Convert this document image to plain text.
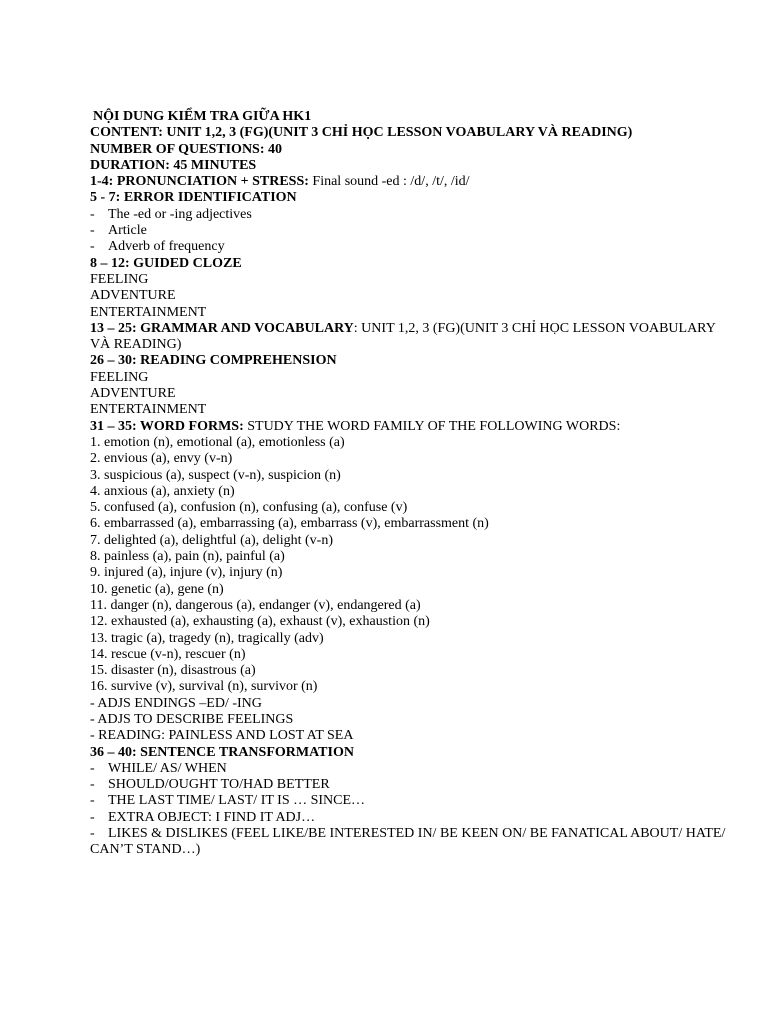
NỘI DUNG KIỂM TRA GIỮA HK1
CONTENT: UNIT 1,2, 3 (FG)(UNIT 3 CHỈ HỌC LESSON VOABULARY VÀ READING)
NUMBER OF QUESTIONS: 40
DURATION: 45 MINUTES
1-4: PRONUNCIATION + STRESS: Final sound -ed : /d/, /t/, /id/
5 - 7: ERROR IDENTIFICATION
- The -ed or -ing adjectives
- Article
- Adverb of frequency
8 – 12: GUIDED CLOZE
FEELING
ADVENTURE
ENTERTAINMENT
13 – 25: GRAMMAR AND VOCABULARY: UNIT 1,2, 3 (FG)(UNIT 3 CHỈ HỌC LESSON VOABULARY VÀ READING)
26 – 30: READING COMPREHENSION
FEELING
ADVENTURE
ENTERTAINMENT
31 – 35: WORD FORMS: STUDY THE WORD FAMILY OF THE FOLLOWING WORDS:
1. emotion (n), emotional (a), emotionless (a)
2. envious (a), envy (v-n)
3. suspicious (a), suspect (v-n), suspicion (n)
4. anxious (a), anxiety (n)
5. confused (a), confusion (n), confusing (a), confuse (v)
6. embarrassed (a), embarrassing (a), embarrass (v), embarrassment (n)
7. delighted (a), delightful (a), delight (v-n)
8. painless (a), pain (n), painful (a)
9. injured (a), injure (v), injury (n)
10. genetic (a), gene (n)
11. danger (n), dangerous (a), endanger (v), endangered (a)
12. exhausted (a), exhausting (a), exhaust (v), exhaustion (n)
13. tragic (a), tragedy (n), tragically (adv)
14. rescue (v-n), rescuer (n)
15. disaster (n), disastrous (a)
16. survive (v), survival (n), survivor (n)
- ADJS ENDINGS –ED/ -ING
- ADJS TO DESCRIBE FEELINGS
- READING: PAINLESS AND LOST AT SEA
36 – 40: SENTENCE TRANSFORMATION
- WHILE/ AS/ WHEN
- SHOULD/OUGHT TO/HAD BETTER
- THE LAST TIME/ LAST/ IT IS … SINCE…
- EXTRA OBJECT: I FIND IT ADJ…
- LIKES & DISLIKES (FEEL LIKE/BE INTERESTED IN/ BE KEEN ON/ BE FANATICAL ABOUT/ HATE/ CAN’T STAND…)
